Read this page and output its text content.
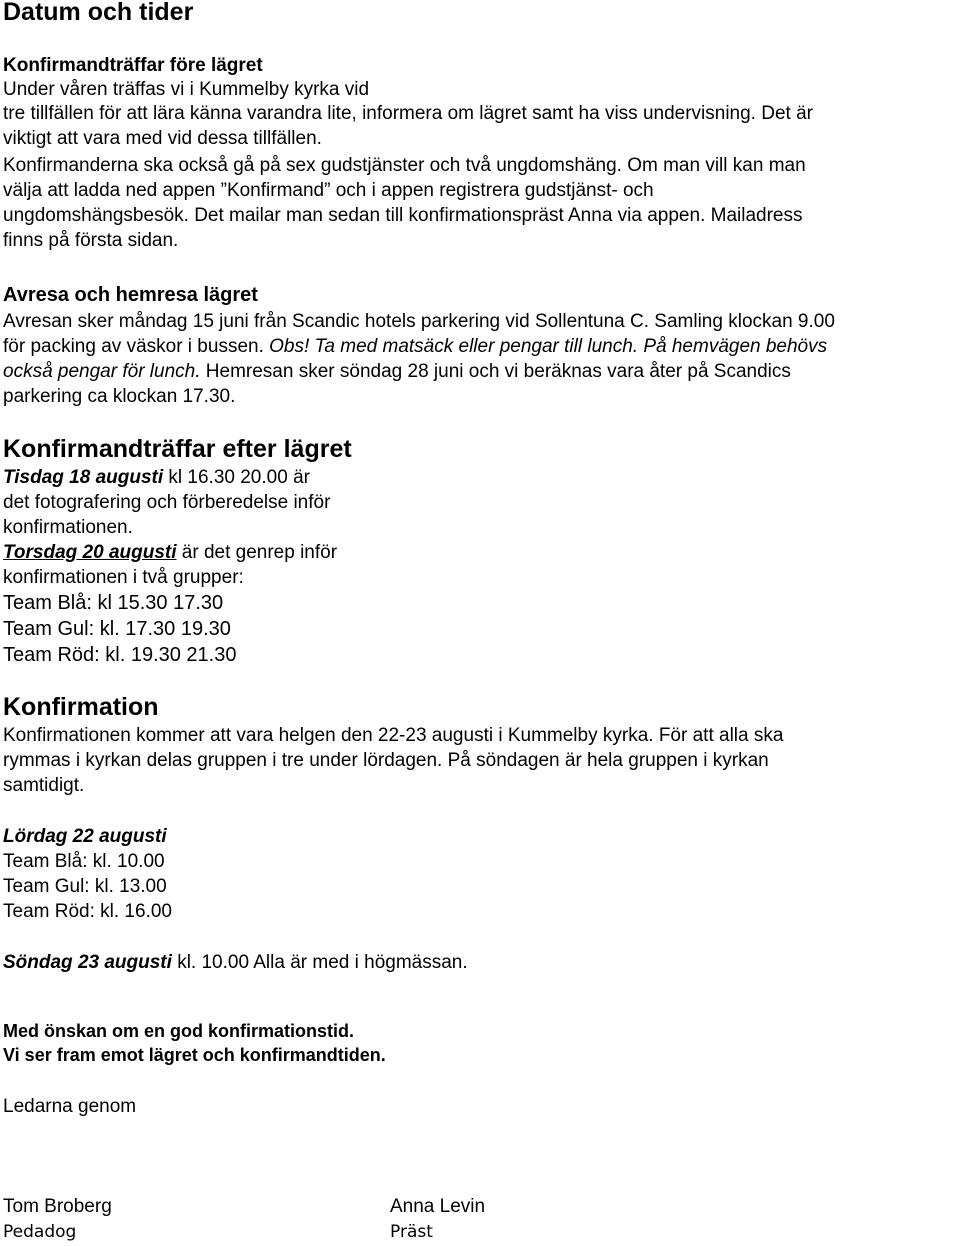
Datum och tider
Konfirmandträffar före lägret
Under våren träffas vi i Kummelby kyrka vid
tre tillfällen för att lära känna varandra lite, informera om lägret samt ha viss undervisning. Det är
viktigt att vara med vid dessa tillfällen.
Konfirmanderna ska också gå på sex gudstjänster och två ungdomshäng. Om man vill kan man
välja att ladda ned appen ”Konfirmand” och i appen registrera gudstjänst- och
ungdomshängsbesök. Det mailar man sedan till konfirmationspräst Anna via appen. Mailadress
finns på första sidan.
Avresa och hemresa lägret
Avresan sker måndag 15 juni från Scandic hotels parkering vid Sollentuna C. Samling klockan 9.00
för packing av väskor i bussen. Obs! Ta med matsäck eller pengar till lunch. På hemvägen behövs
också pengar för lunch. Hemresan sker söndag 28 juni och vi beräknas vara åter på Scandics
parkering ca klockan 17.30.
Konfirmandträffar efter lägret
Tisdag 18 augusti kl 16.30 20.00 är
det fotografering och förberedelse inför
konfirmationen.
Torsdag 20 augusti är det genrep inför
konfirmationen i två grupper:
Team Blå: kl 15.30 17.30
Team Gul: kl. 17.30 19.30
Team Röd: kl. 19.30 21.30
Konfirmation
Konfirmationen kommer att vara helgen den 22-23 augusti i Kummelby kyrka. För att alla ska
rymmas i kyrkan delas gruppen i tre under lördagen. På söndagen är hela gruppen i kyrkan
samtidigt.
Lördag 22 augusti
Team Blå: kl. 10.00
Team Gul: kl. 13.00
Team Röd: kl. 16.00
Söndag 23 augusti kl. 10.00 Alla är med i högmässan.
Med önskan om en god konfirmationstid.
Vi ser fram emot lägret och konfirmandtiden.
Ledarna genom
Tom Broberg
Pedadog
Anna Levin
Präst
